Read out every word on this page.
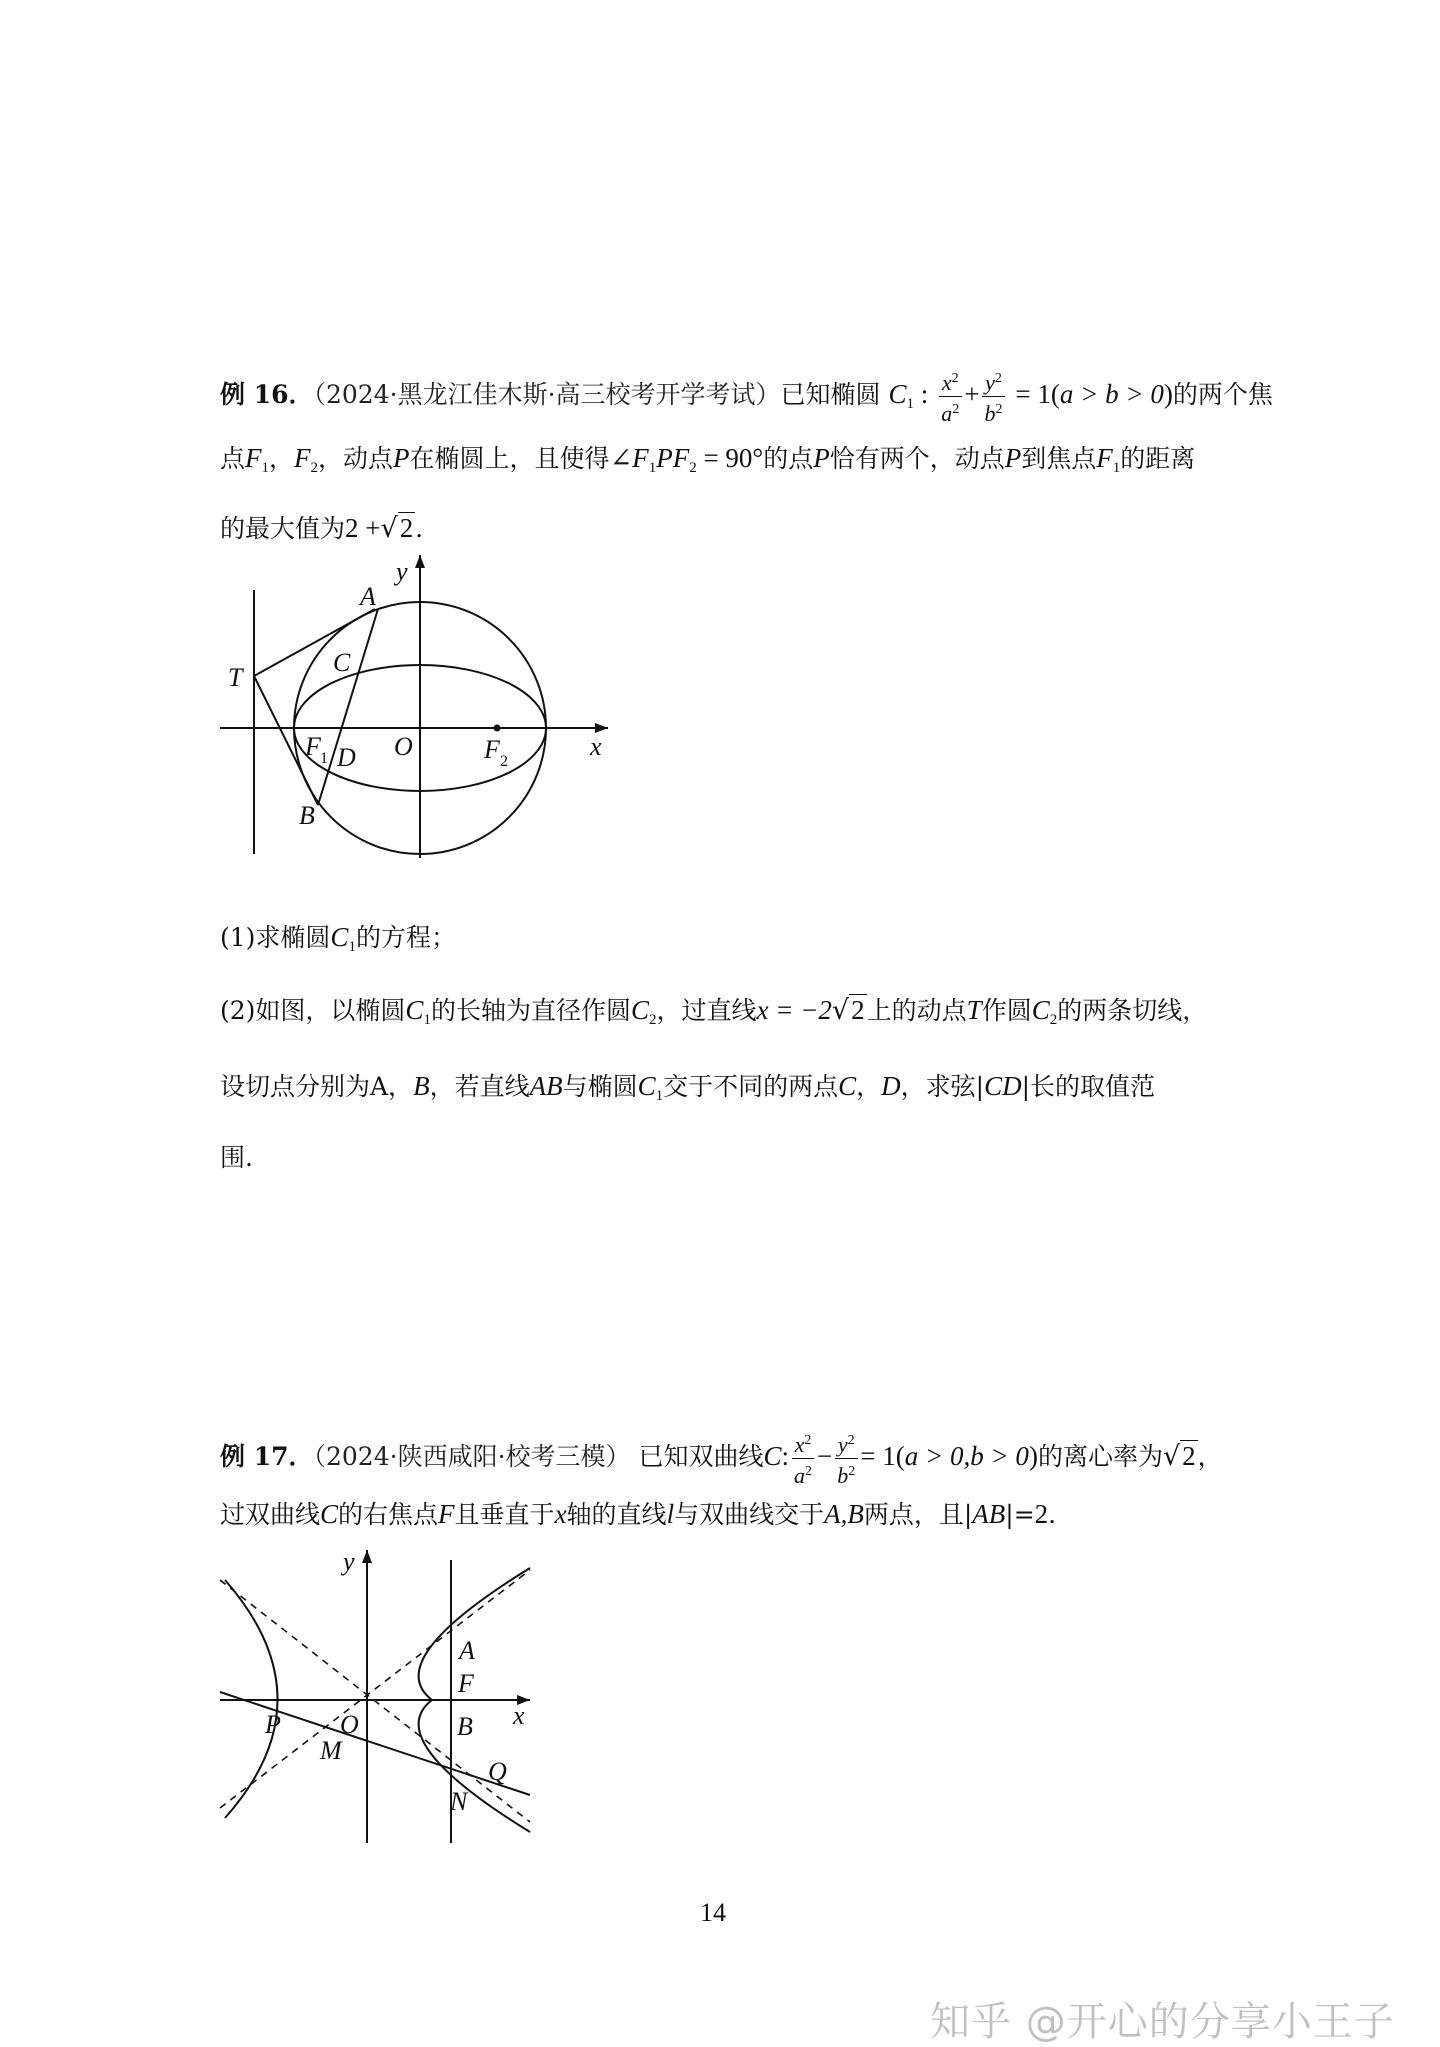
例 16．（2024·黑龙江佳木斯·高三校考开学考试）已知椭圆 $C_1$ : $\frac{x^2}{a^2} + \frac{y^2}{b^2} = 1(a > b > 0)$的两个焦
点$F_1$，$F_2$，动点P在椭圆上，且使得$\angle F_1PF_2 = 90^\circ$的点P恰有两个，动点P到焦点$F_1$的距离
的最大值为2 +√2．
y
x
A
C
T
F 1 D O	F 2
B
(1)求椭圆$C_1$的方程；
(2)如图，以椭圆$C_1$的长轴为直径作圆$C_2$，过直线x = −2√2上的动点T作圆$C_2$的两条切线，
设切点分别为A，B，若直线AB与椭圆$C_1$交于不同的两点C，D，求弦|CD|长的取值范
围.
例 17．（2024·陕西咸阳·校考三模） 已知双曲线C: $\frac{x^2}{a^2} - \frac{y^2}{b^2} = 1(a > 0,b > 0)$的离心率为√2，
过双曲线C的右焦点F且垂直于x轴的直线l与双曲线交于A,B两点，且|AB|=2.
y
x
A
F
B
P O
M
Q
N
14
知乎 @开心的分享小王子
